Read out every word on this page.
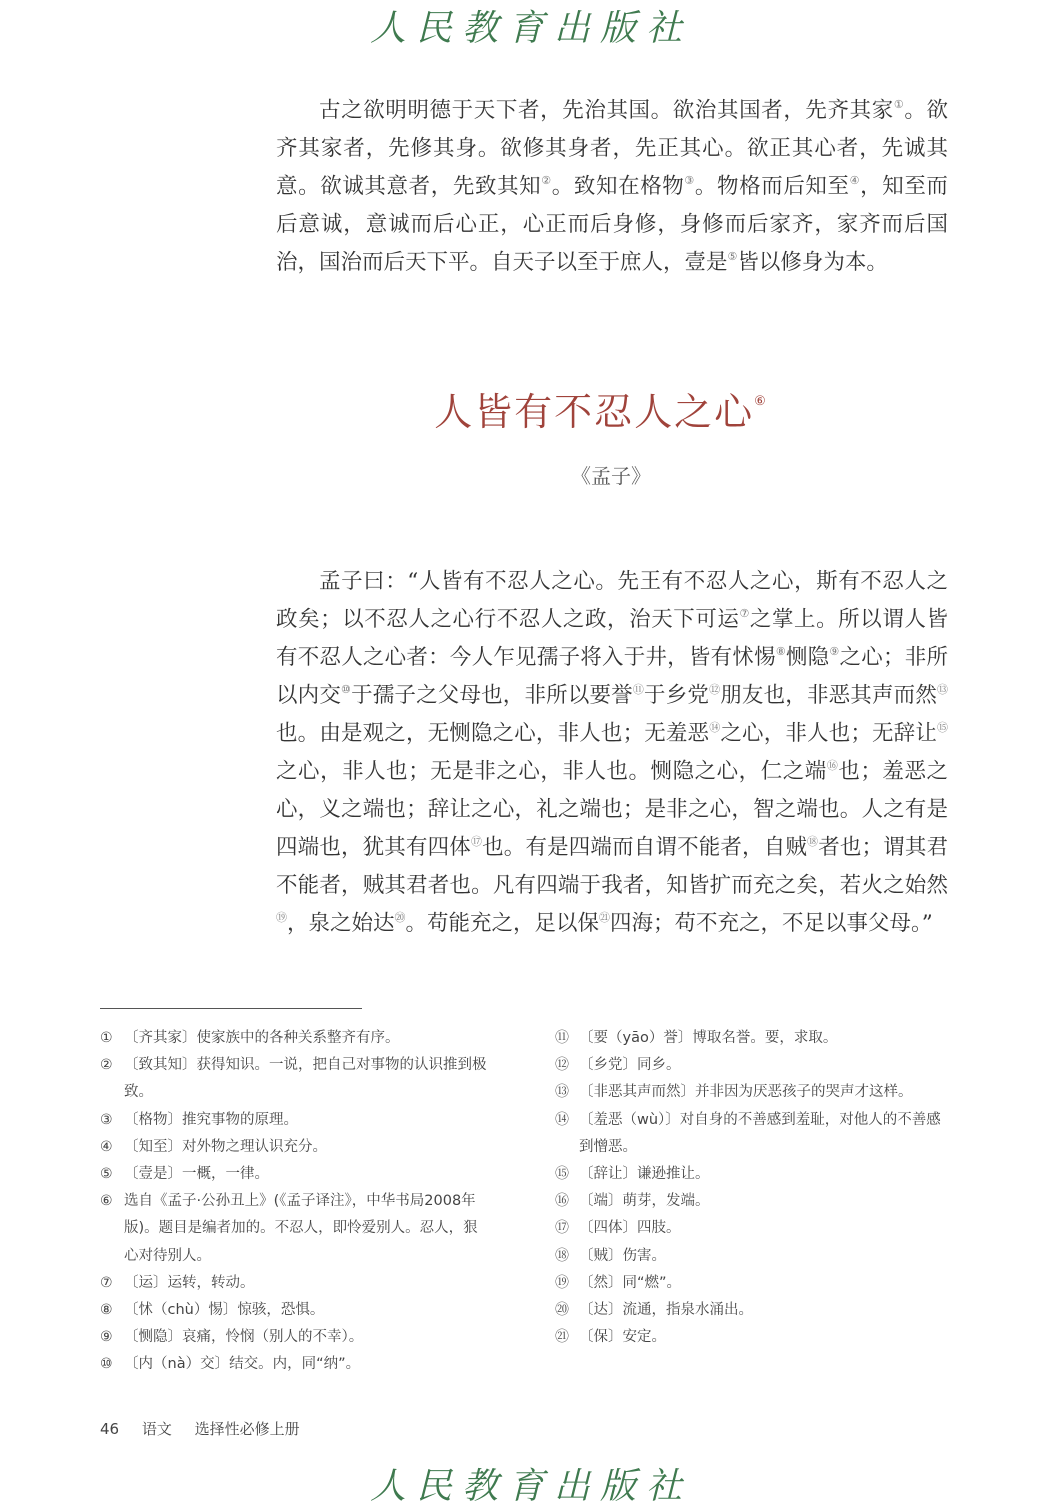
人民教育出版社

古之欲明明德于天下者，先治其国。欲治其国者，先齐其家①。欲齐其家者，先修其身。欲修其身者，先正其心。欲正其心者，先诚其意。欲诚其意者，先致其知②。致知在格物③。物格而后知至④，知至而后意诚，意诚而后心正，心正而后身修，身修而后家齐，家齐而后国治，国治而后天下平。自天子以至于庶人，壹是⑤皆以修身为本。

人皆有不忍人之心⑥
《孟子》

孟子曰：“人皆有不忍人之心。先王有不忍人之心，斯有不忍人之政矣；以不忍人之心行不忍人之政，治天下可运⑦之掌上。所以谓人皆有不忍人之心者：今人乍见孺子将入于井，皆有怵惕⑧恻隐⑨之心；非所以内交⑩于孺子之父母也，非所以要誉⑪于乡党⑫朋友也，非恶其声而然⑬也。由是观之，无恻隐之心，非人也；无羞恶⑭之心，非人也；无辞让⑮之心，非人也；无是非之心，非人也。恻隐之心，仁之端⑯也；羞恶之心，义之端也；辞让之心，礼之端也；是非之心，智之端也。人之有是四端也，犹其有四体⑰也。有是四端而自谓不能者，自贼⑱者也；谓其君不能者，贼其君者也。凡有四端于我者，知皆扩而充之矣，若火之始然⑲，泉之始达⑳。苟能充之，足以保$^㉑$四海；苟不充之，不足以事父母。”

① 〔齐其家〕使家族中的各种关系整齐有序。
② 〔致其知〕获得知识。一说，把自己对事物的认识推到极致。
③ 〔格物〕推究事物的原理。
④ 〔知至〕对外物之理认识充分。
⑤ 〔壹是〕一概，一律。
⑥ 选自《孟子·公孙丑上》(《孟子译注》，中华书局2008年版)。题目是编者加的。不忍人，即怜爱别人。忍人，狠心对待别人。
⑦ 〔运〕运转，转动。
⑧ 〔怵（chù）惕〕惊骇，恐惧。
⑨ 〔恻隐〕哀痛，怜悯（别人的不幸）。
⑩ 〔内（nà）交〕结交。内，同“纳”。
⑪ 〔要（yāo）誉〕博取名誉。要，求取。
⑫ 〔乡党〕同乡。
⑬ 〔非恶其声而然〕并非因为厌恶孩子的哭声才这样。
⑭ 〔羞恶（wù）〕对自身的不善感到羞耻，对他人的不善感到憎恶。
⑮ 〔辞让〕谦逊推让。
⑯ 〔端〕萌芽，发端。
⑰ 〔四体〕四肢。
⑱ 〔贼〕伤害。
⑲ 〔然〕同“燃”。
⑳ 〔达〕流通，指泉水涌出。
㉑ 〔保〕安定。
46 语文 选择性必修上册
人民教育出版社
